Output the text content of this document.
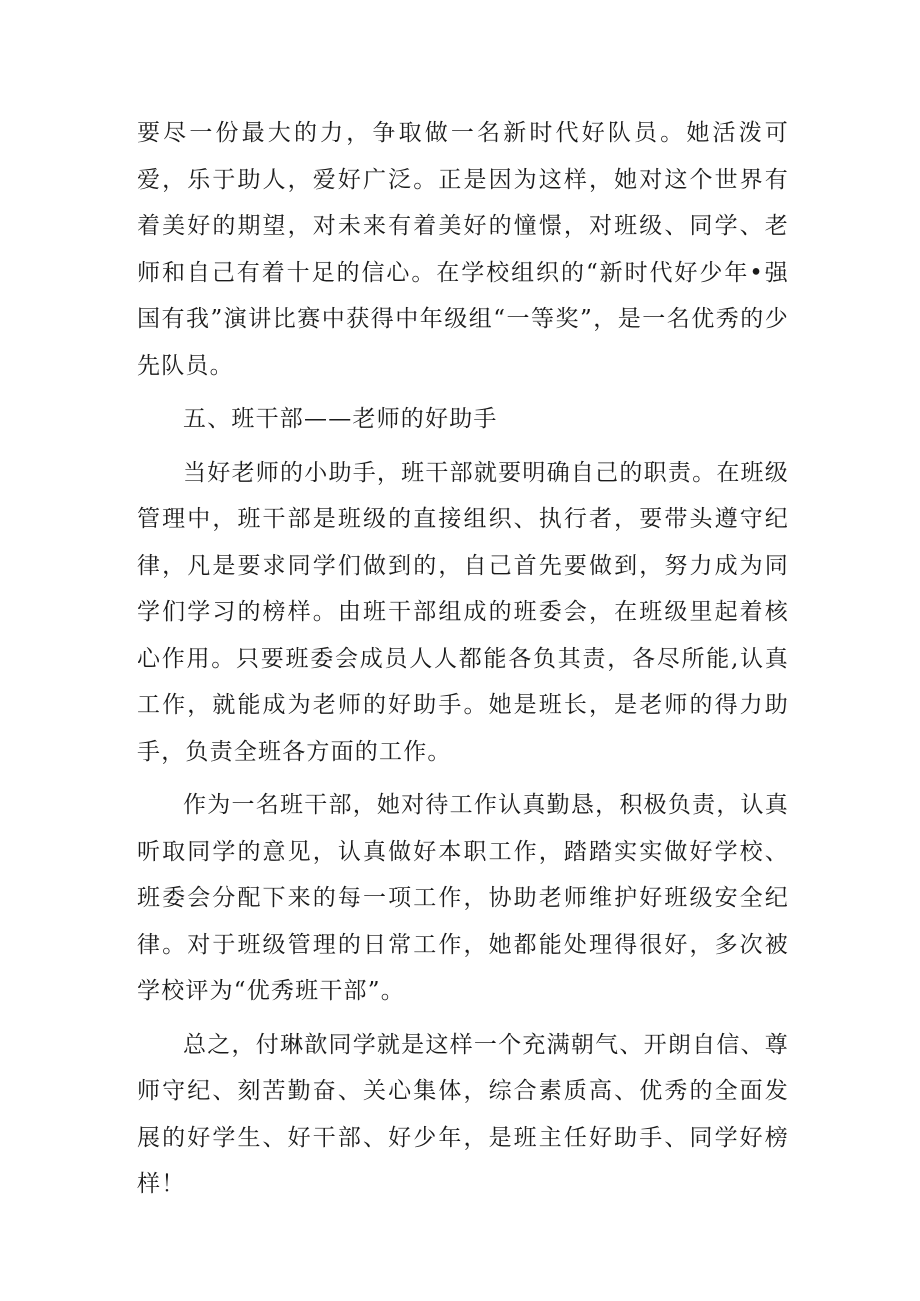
要尽一份最大的力，争取做一名新时代好队员。她活泼可爱，乐于助人，爱好广泛。正是因为这样，她对这个世界有着美好的期望，对未来有着美好的憧憬，对班级、同学、老师和自己有着十足的信心。在学校组织的“新时代好少年•强国有我”演讲比赛中获得中年级组“一等奖”，是一名优秀的少先队员。

五、班干部——老师的好助手

当好老师的小助手，班干部就要明确自己的职责。在班级管理中，班干部是班级的直接组织、执行者，要带头遵守纪律，凡是要求同学们做到的，自己首先要做到，努力成为同学们学习的榜样。由班干部组成的班委会，在班级里起着核心作用。只要班委会成员人人都能各负其责，各尽所能,认真工作，就能成为老师的好助手。她是班长，是老师的得力助手，负责全班各方面的工作。

作为一名班干部，她对待工作认真勤恳，积极负责，认真听取同学的意见，认真做好本职工作，踏踏实实做好学校、班委会分配下来的每一项工作，协助老师维护好班级安全纪律。对于班级管理的日常工作，她都能处理得很好，多次被学校评为“优秀班干部”。

总之，付琳歆同学就是这样一个充满朝气、开朗自信、尊师守纪、刻苦勤奋、关心集体，综合素质高、优秀的全面发展的好学生、好干部、好少年，是班主任好助手、同学好榜样！
